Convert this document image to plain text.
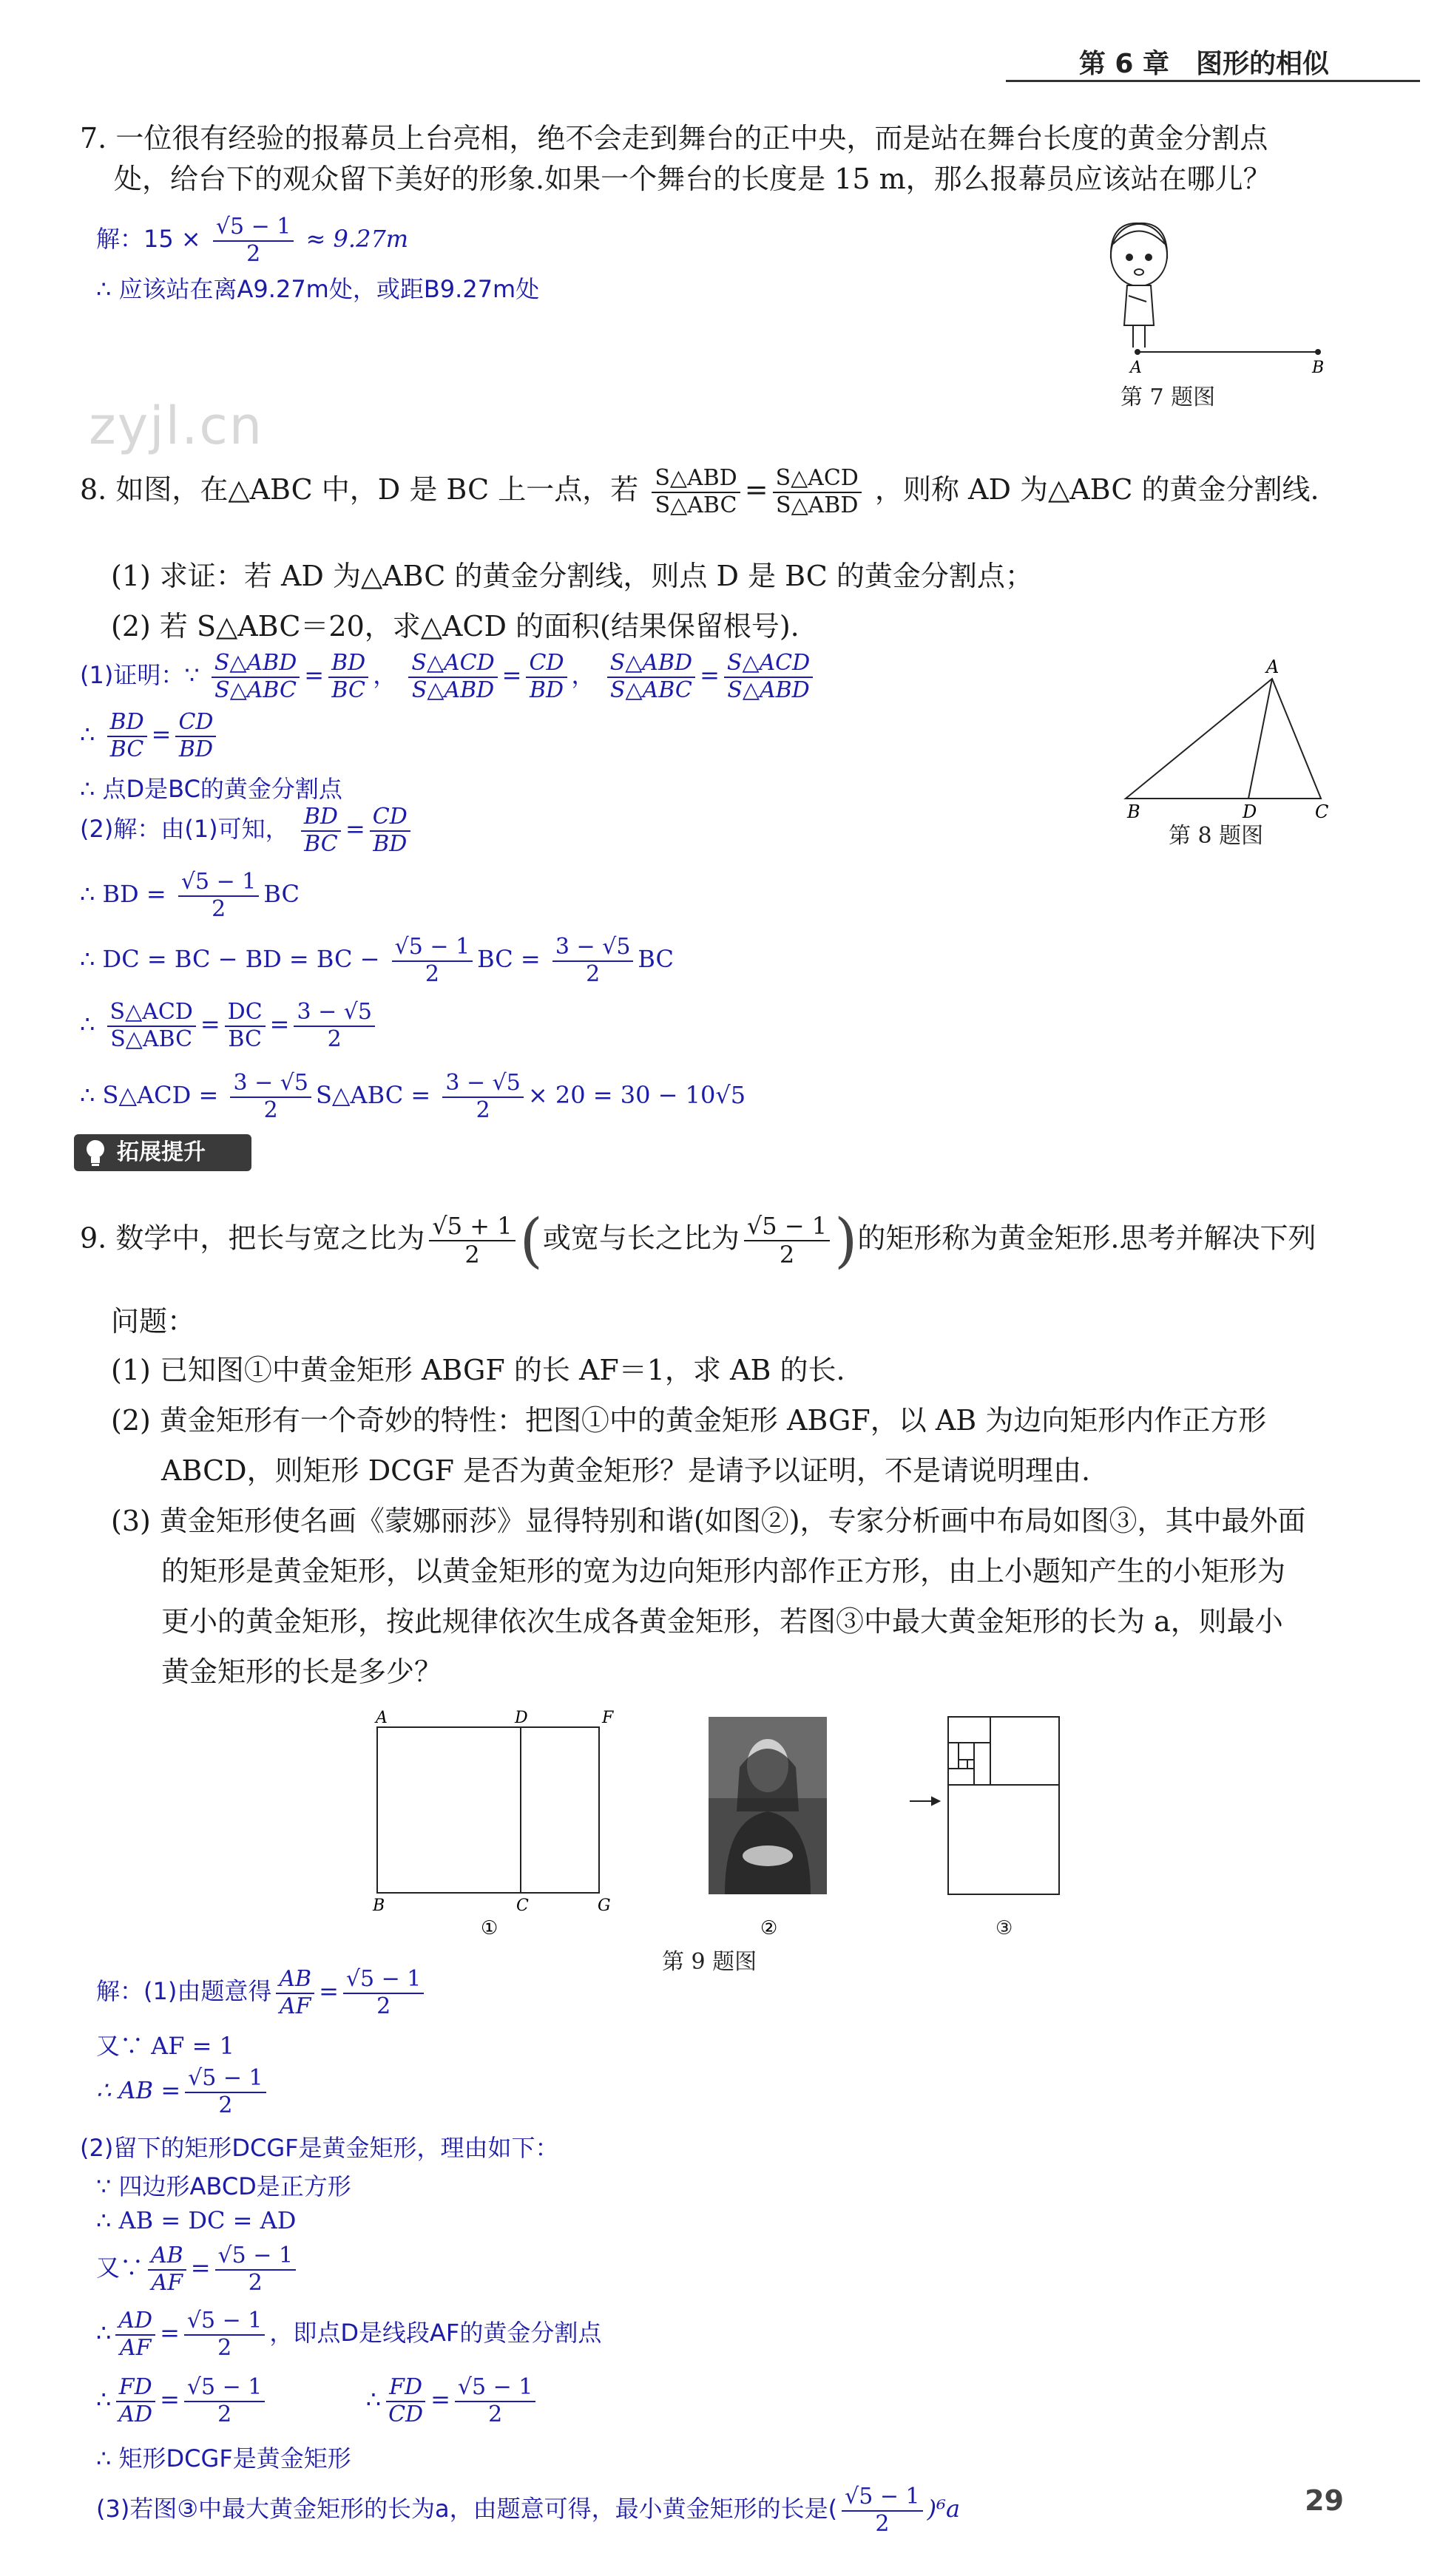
第 6 章　图形的相似
7. 一位很有经验的报幕员上台亮相，绝不会走到舞台的正中央，而是站在舞台长度的黄金分割点
处，给台下的观众留下美好的形象.如果一个舞台的长度是 15 m，那么报幕员应该站在哪儿？
解：$15 \times \frac{√5 - 1}{2} \approx 9.27m$
∴ 应该站在离A9.27m处，或距B9.27m处
A	B
第 7 题图
zyjl.cn
8. 如图，在△ABC 中，D 是 BC 上一点，若 $\frac{\text{S△ABD}}{\text{S△ABC}} = \frac{\text{S△ACD}}{\text{S△ABD}}$ ，则称 AD 为△ABC 的黄金分割线.
(1) 求证：若 AD 为△ABC 的黄金分割线，则点 D 是 BC 的黄金分割点；
(2) 若 S△ABC＝20，求△ACD 的面积(结果保留根号).
(1)证明：∵ $\frac{\text{S△ABD}}{\text{S△ABC}} = \frac{BD}{BC}$ ， $\frac{\text{S△ACD}}{\text{S△ABD}} = \frac{CD}{BD}$ ， $\frac{\text{S△ABD}}{\text{S△ABC}} = \frac{\text{S△ACD}}{\text{S△ABD}}$
∴ $\frac{BD}{BC} = \frac{CD}{BD}$
∴ 点D是BC的黄金分割点
(2)解：由(1)可知， $\frac{BD}{BC} = \frac{CD}{BD}$
∴ BD = $\frac{√5 - 1}{2}$ BC
∴ DC = BC − BD = BC − $\frac{√5 - 1}{2}$ BC = $\frac{3 - √5}{2}$ BC
∴ $\frac{\text{S△ACD}}{\text{S△ABC}} = \frac{DC}{BC} = \frac{3 - √5}{2}$
∴ S△ACD = $\frac{3 - √5}{2}$ S△ABC = $\frac{3 - √5}{2} \times 20 = 30 - 10√5$
A
B	D	C
第 8 题图
拓展提升
9. 数学中，把长与宽之比为 $\frac{√5 + 1}{2}$ (或宽与长之比为 $\frac{√5 - 1}{2}$ )的矩形称为黄金矩形.思考并解决下列
问题：
(1) 已知图①中黄金矩形 ABGF 的长 AF＝1，求 AB 的长.
(2) 黄金矩形有一个奇妙的特性：把图①中的黄金矩形 ABGF，以 AB 为边向矩形内作正方形
ABCD，则矩形 DCGF 是否为黄金矩形？是请予以证明，不是请说明理由.
(3) 黄金矩形使名画《蒙娜丽莎》显得特别和谐(如图②)，专家分析画中布局如图③，其中最外面
的矩形是黄金矩形，以黄金矩形的宽为边向矩形内部作正方形，由上小题知产生的小矩形为
更小的黄金矩形，按此规律依次生成各黄金矩形，若图③中最大黄金矩形的长为 a，则最小
黄金矩形的长是多少？
A	D	F
B	C	G
①	②	③
第 9 题图
解：(1)由题意得 $\frac{AB}{AF} = \frac{√5 - 1}{2}$
又∵ AF = 1
∴ AB = $\frac{√5 - 1}{2}$
(2)留下的矩形DCGF是黄金矩形，理由如下：
∵ 四边形ABCD是正方形
∴ AB = DC = AD
又∵ $\frac{AB}{AF} = \frac{√5 - 1}{2}$
∴ $\frac{AD}{AF} = \frac{√5 - 1}{2}$ ，即点D是线段AF的黄金分割点
∴ $\frac{FD}{AD} = \frac{√5 - 1}{2}$	∴ $\frac{FD}{CD} = \frac{√5 - 1}{2}$
∴ 矩形DCGF是黄金矩形
(3)若图③中最大黄金矩形的长为a，由题意可得，最小黄金矩形的长是( $\frac{√5 - 1}{2} )^6a$	29
